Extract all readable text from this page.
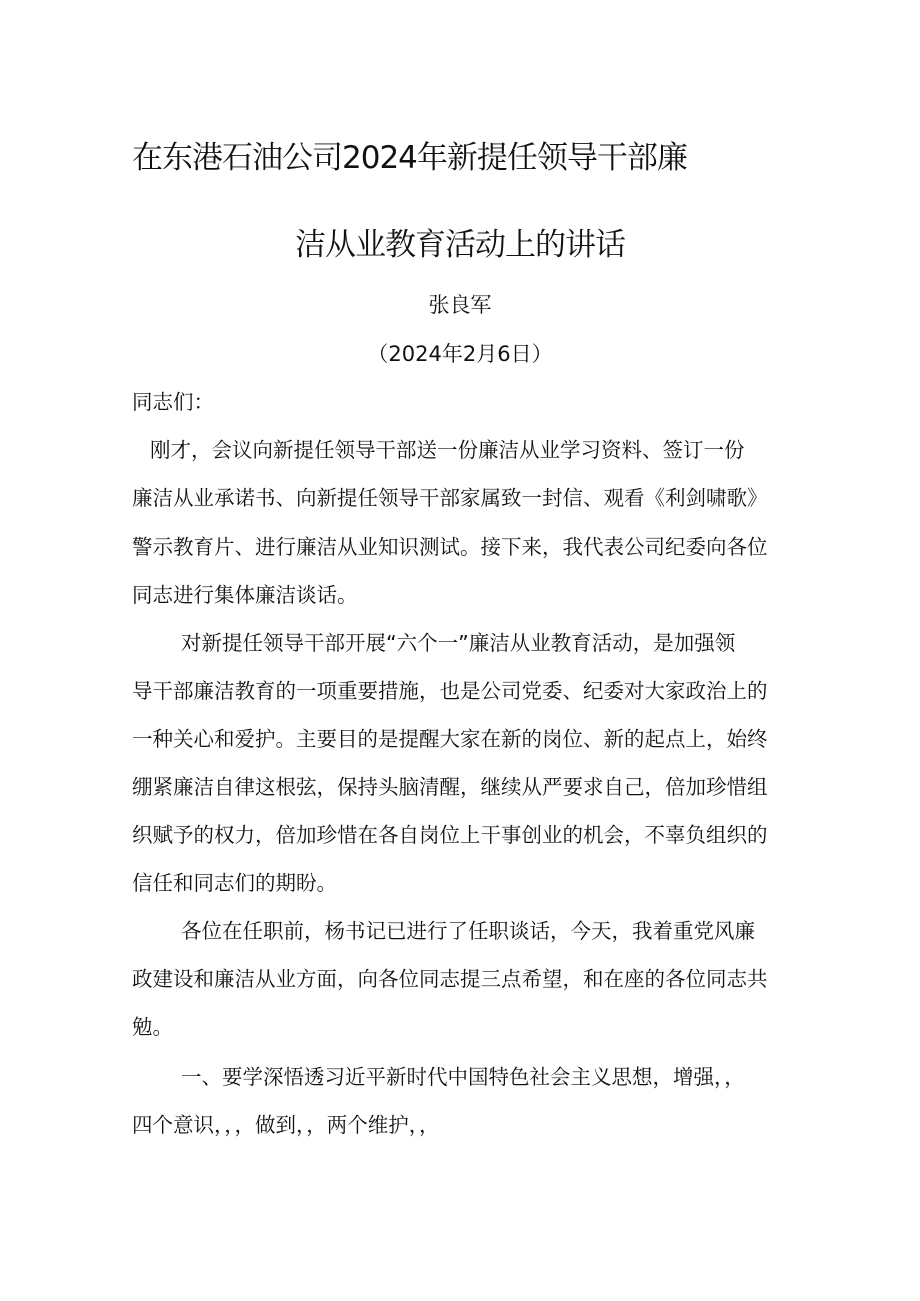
在东港石油公司2024年新提任领导干部廉
洁从业教育活动上的讲话
张良军
（2024年2月6日）
同志们：
刚才，会议向新提任领导干部送一份廉洁从业学习资料、签订一份
廉洁从业承诺书、向新提任领导干部家属致一封信、观看《利剑啸歌》
警示教育片、进行廉洁从业知识测试。接下来，我代表公司纪委向各位
同志进行集体廉洁谈话。
对新提任领导干部开展“六个一”廉洁从业教育活动，是加强领
导干部廉洁教育的一项重要措施，也是公司党委、纪委对大家政治上的
一种关心和爱护。主要目的是提醒大家在新的岗位、新的起点上，始终
绷紧廉洁自律这根弦，保持头脑清醒，继续从严要求自己，倍加珍惜组
织赋予的权力，倍加珍惜在各自岗位上干事创业的机会，不辜负组织的
信任和同志们的期盼。
各位在任职前，杨书记已进行了任职谈话，今天，我着重党风廉
政建设和廉洁从业方面，向各位同志提三点希望，和在座的各位同志共
勉。
一、要学深悟透习近平新时代中国特色社会主义思想，增强，，
四个意识，，，做到，，两个维护，，
